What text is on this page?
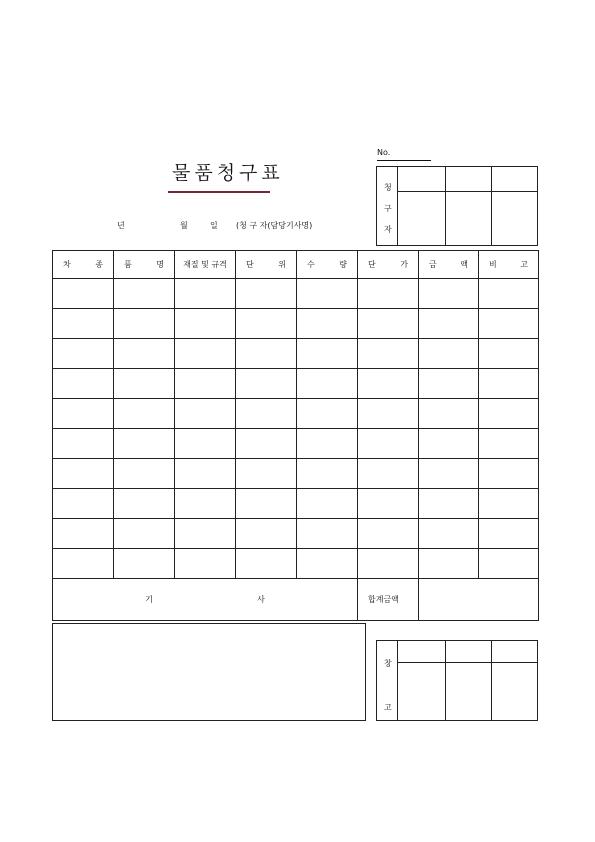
물품청구표
No.
년	월	일 (청 구 자(담당기사명)
청
구
자
차 종	품 명	재질 및 규격	단 위	수 량	단 가	금 액	비 고

기 사					합계금액		
창
고
